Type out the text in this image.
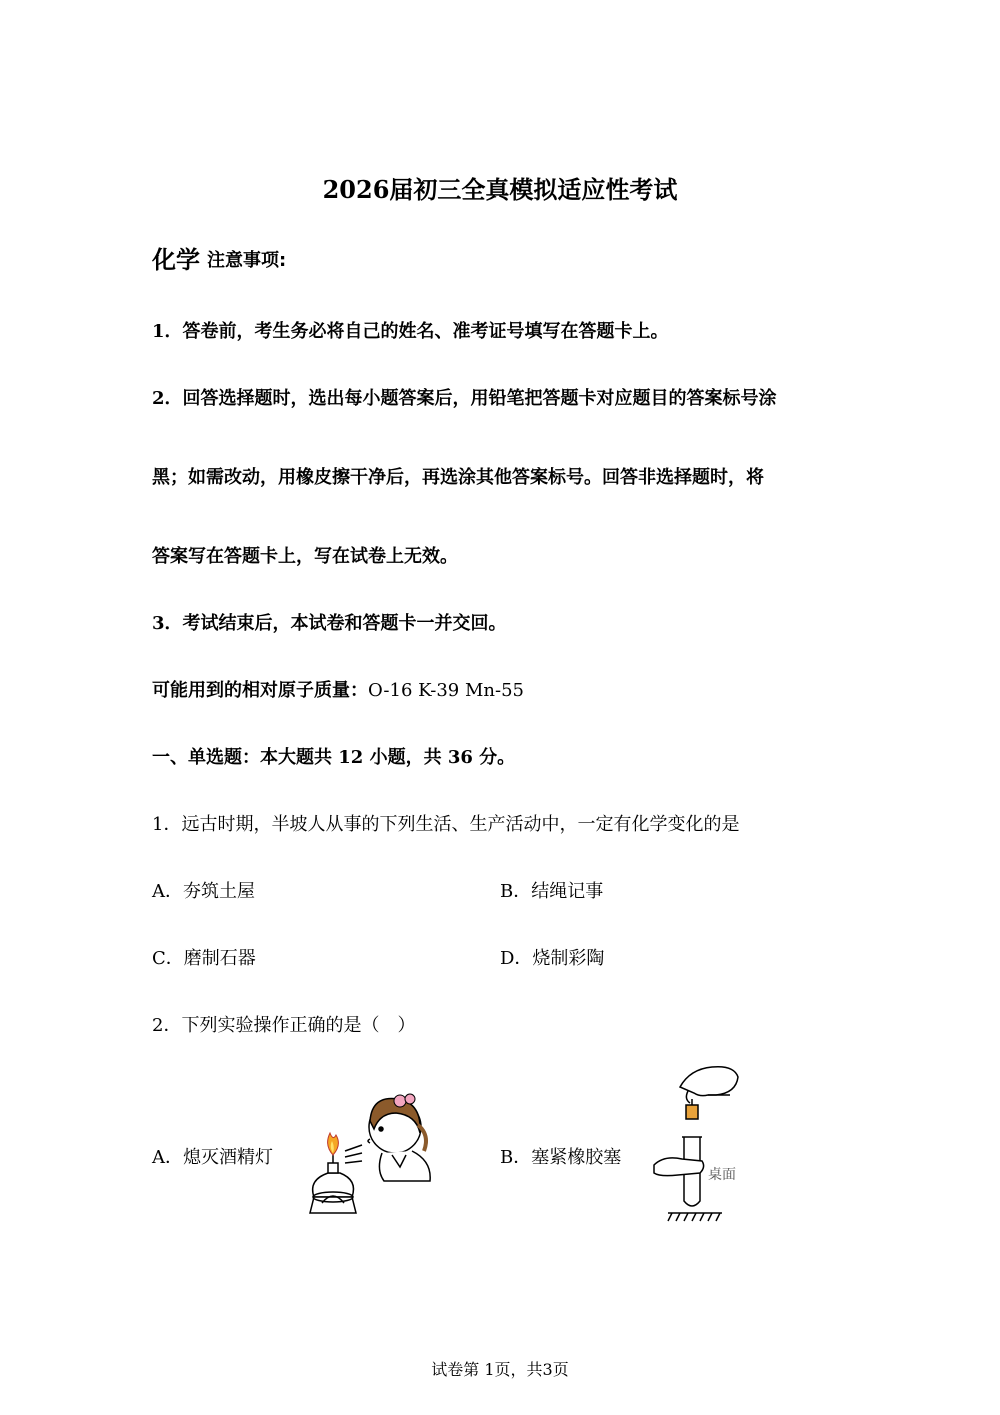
2026届初三全真模拟适应性考试
化学 注意事项:
1．答卷前，考生务必将自己的姓名、准考证号填写在答题卡上。
2．回答选择题时，选出每小题答案后，用铅笔把答题卡对应题目的答案标号涂
黑；如需改动，用橡皮擦干净后，再选涂其他答案标号。回答非选择题时，将
答案写在答题卡上，写在试卷上无效。
3．考试结束后，本试卷和答题卡一并交回。
可能用到的相对原子质量：O-16 K-39 Mn-55
一、单选题：本大题共 12 小题，共 36 分。
1．远古时期，半坡人从事的下列生活、生产活动中，一定有化学变化的是
A．夯筑土屋	B．结绳记事
C．磨制石器	D．烧制彩陶
2．下列实验操作正确的是（　）
A．熄灭酒精灯	B．塞紧橡胶塞
桌面
试卷第 1页，共3页
